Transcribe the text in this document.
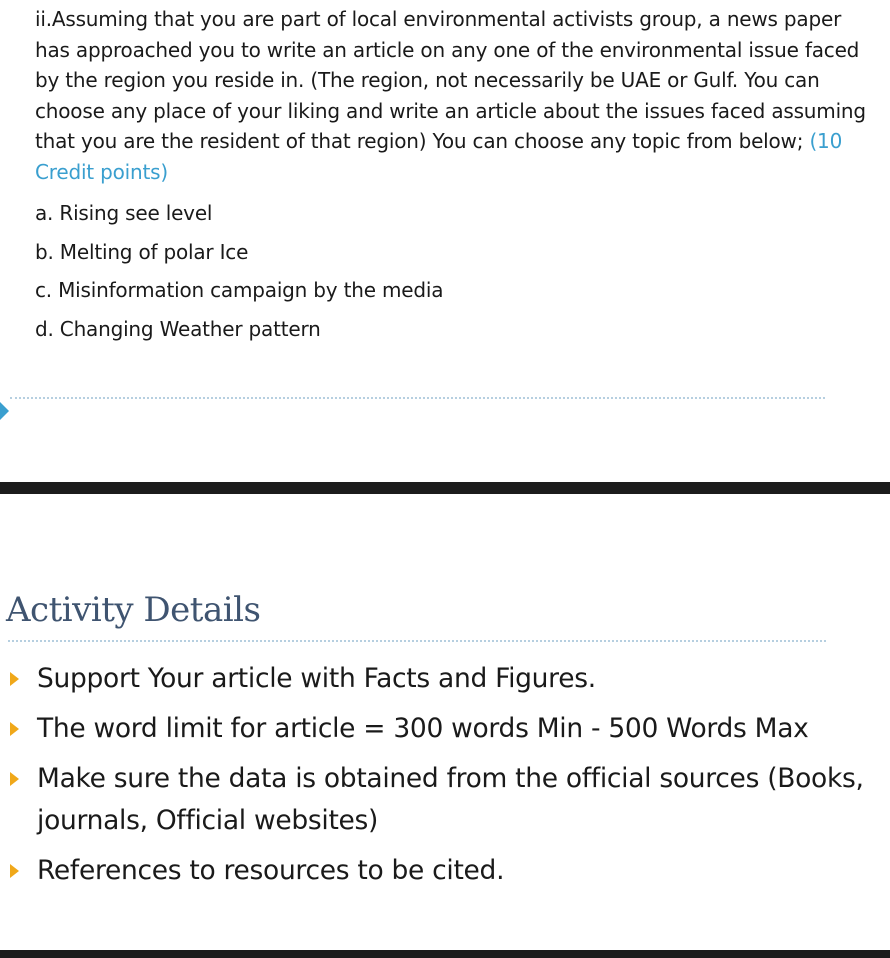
ii.Assuming that you are part of local environmental activists group, a news paper has approached you to write an article on any one of the environmental issue faced by the region you reside in. (The region, not necessarily be UAE or Gulf. You can choose any place of your liking and write an article about the issues faced assuming that you are the resident of that region) You can choose any topic from below; (10 Credit points)
a. Rising see level
b. Melting of polar Ice
c. Misinformation campaign by the media
d. Changing Weather pattern
Activity Details
Support Your article with Facts and Figures.
The word limit for article = 300 words Min - 500 Words Max
Make sure the data is obtained from the official sources (Books, journals, Official websites)
References to resources to be cited.
